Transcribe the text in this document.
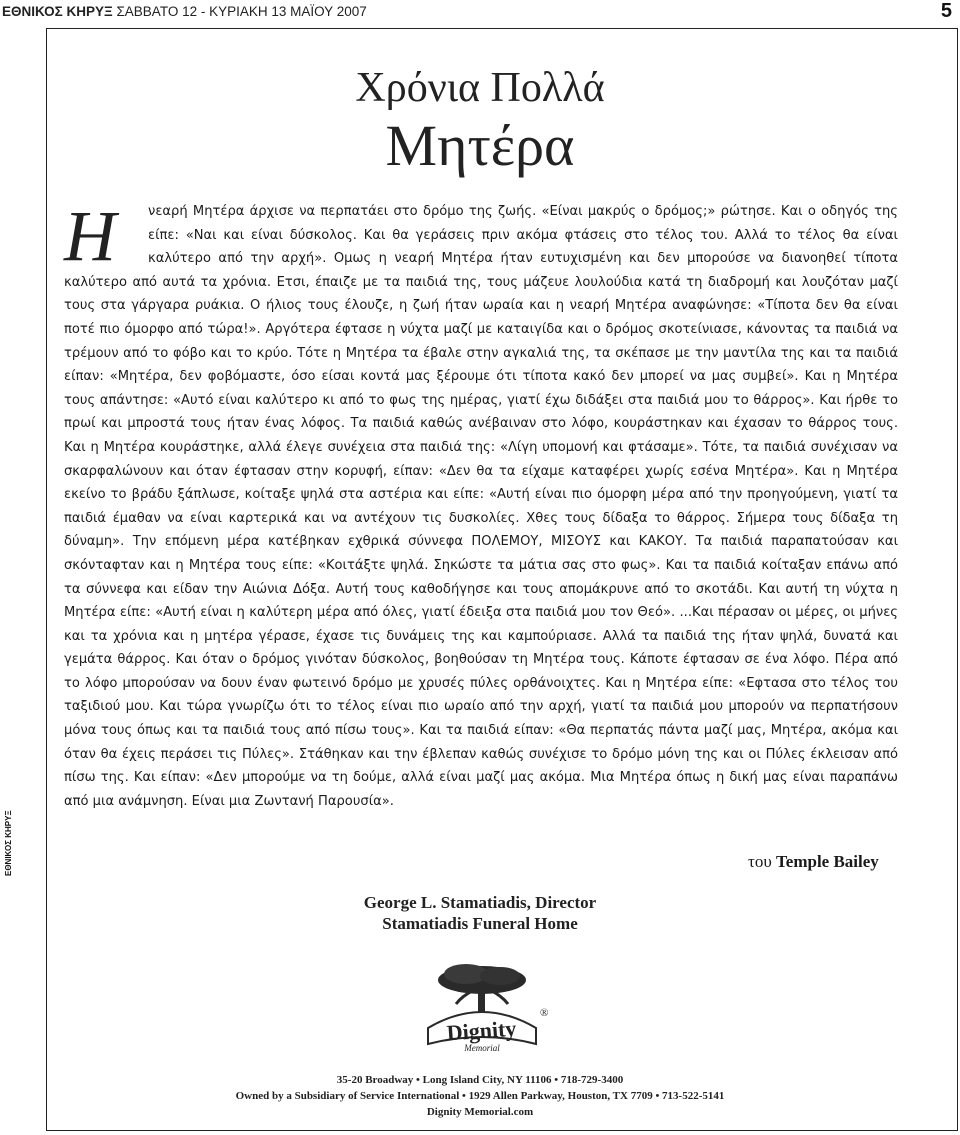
ΕΘΝΙΚΟΣ ΚΗΡΥΞ ΣΑΒΒΑΤΟ 12 - ΚΥΡΙΑΚΗ 13 ΜΑΪΟΥ 2007	5
ΕΘΝΙΚΟΣ ΚΗΡΥΞ
Χρόνια Πολλά
Μητέρα
Η	νεαρή Μητέρα άρχισε να περπατάει στο δρόμο της ζωής. «Είναι μακρύς ο δρόμος;» ρώτησε. Και ο οδηγός της είπε: «Ναι και είναι δύσκολος. Και θα γεράσεις πριν ακόμα φτάσεις στο τέλος του. Αλλά το τέλος θα είναι καλύτερο από την αρχή». Ομως η νεαρή Μητέρα ήταν ευτυχισμένη και δεν μπορούσε να διανοηθεί τίποτα καλύτερο από αυτά τα χρόνια. Ετσι, έπαιζε με τα παιδιά της, τους μάζευε λουλούδια κατά τη διαδρομή και λουζόταν μαζί τους στα γάργαρα ρυάκια. Ο ήλιος τους έλουζε, η ζωή ήταν ωραία και η νεαρή Μητέρα αναφώνησε: «Τίποτα δεν θα είναι ποτέ πιο όμορφο από τώρα!». Αργότερα έφτασε η νύχτα μαζί με καταιγίδα και ο δρόμος σκοτείνιασε, κάνοντας τα παιδιά να τρέμουν από το φόβο και το κρύο. Τότε η Μητέρα τα έβαλε στην αγκαλιά της, τα σκέπασε με την μαντίλα της και τα παιδιά είπαν: «Μητέρα, δεν φοβόμαστε, όσο είσαι κοντά μας ξέρουμε ότι τίποτα κακό δεν μπορεί να μας συμβεί». Και η Μητέρα τους απάντησε: «Αυτό είναι καλύτερο κι από το φως της ημέρας, γιατί έχω διδάξει στα παιδιά μου το θάρρος». Και ήρθε το πρωί και μπροστά τους ήταν ένας λόφος. Τα παιδιά καθώς ανέβαιναν στο λόφο, κουράστηκαν και έχασαν το θάρρος τους. Και η Μητέρα κουράστηκε, αλλά έλεγε συνέχεια στα παιδιά της: «Λίγη υπομονή και φτάσαμε». Τότε, τα παιδιά συνέχισαν να σκαρφαλώνουν και όταν έφτασαν στην κορυφή, είπαν: «Δεν θα τα είχαμε καταφέρει χωρίς εσένα Μητέρα». Και η Μητέρα εκείνο το βράδυ ξάπλωσε, κοίταξε ψηλά στα αστέρια και είπε: «Αυτή είναι πιο όμορφη μέρα από την προηγούμενη, γιατί τα παιδιά έμαθαν να είναι καρτερικά και να αντέχουν τις δυσκολίες. Χθες τους δίδαξα το θάρρος. Σήμερα τους δίδαξα τη δύναμη». Την επόμενη μέρα κατέβηκαν εχθρικά σύννεφα ΠΟΛΕΜΟΥ, ΜΙΣΟΥΣ και ΚΑΚΟΥ. Τα παιδιά παραπατούσαν και σκόνταφταν και η Μητέρα τους είπε: «Κοιτάξτε ψηλά. Σηκώστε τα μάτια σας στο φως». Και τα παιδιά κοίταξαν επάνω από τα σύννεφα και είδαν την Αιώνια Δόξα. Αυτή τους καθοδήγησε και τους απομάκρυνε από το σκοτάδι. Και αυτή τη νύχτα η Μητέρα είπε: «Αυτή είναι η καλύτερη μέρα από όλες, γιατί έδειξα στα παιδιά μου τον Θεό». ...Και πέρασαν οι μέρες, οι μήνες και τα χρόνια και η μητέρα γέρασε, έχασε τις δυνάμεις της και καμπούριασε. Αλλά τα παιδιά της ήταν ψηλά, δυνατά και γεμάτα θάρρος. Και όταν ο δρόμος γινόταν δύσκολος, βοηθούσαν τη Μητέρα τους. Κάποτε έφτασαν σε ένα λόφο. Πέρα από το λόφο μπορούσαν να δουν έναν φωτεινό δρόμο με χρυσές πύλες ορθάνοιχτες. Και η Μητέρα είπε: «Εφτασα στο τέλος του ταξιδιού μου. Και τώρα γνωρίζω ότι το τέλος είναι πιο ωραίο από την αρχή, γιατί τα παιδιά μου μπορούν να περπατήσουν μόνα τους όπως και τα παιδιά τους από πίσω τους». Και τα παιδιά είπαν: «Θα περπατάς πάντα μαζί μας, Μητέρα, ακόμα και όταν θα έχεις περάσει τις Πύλες». Στάθηκαν και την έβλεπαν καθώς συνέχισε το δρόμο μόνη της και οι Πύλες έκλεισαν από πίσω της. Και είπαν: «Δεν μπορούμε να τη δούμε, αλλά είναι μαζί μας ακόμα. Μια Μητέρα όπως η δική μας είναι παραπάνω από μια ανάμνηση. Είναι μια Ζωντανή Παρουσία».
του Temple Bailey
George L. Stamatiadis, Director
Stamatiadis Funeral Home
Dignity
®
Memorial
35-20 Broadway • Long Island City, NY 11106 • 718-729-3400
Owned by a Subsidiary of Service International • 1929 Allen Parkway, Houston, TX 7709 • 713-522-5141
Dignity Memorial.com
